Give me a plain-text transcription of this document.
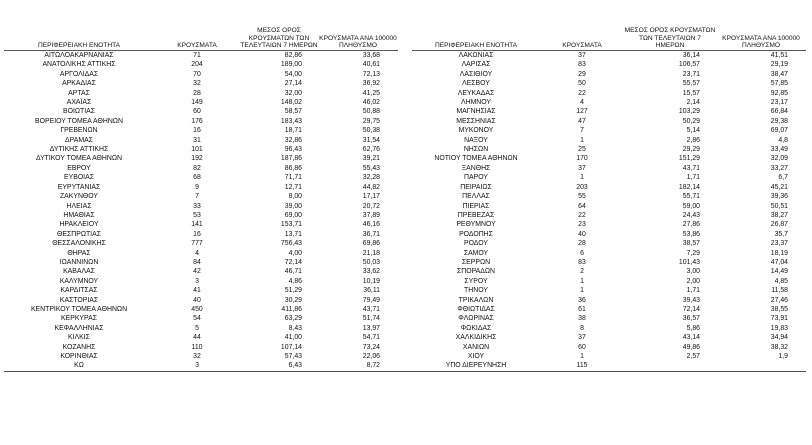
ΠΕΡΙΦΕΡΕΙΑΚΗ ΕΝΟΤΗΤΑ	ΚΡΟΥΣΜΑΤΑ	ΜΕΣΟΣ ΟΡΟΣ ΚΡΟΥΣΜΑΤΩΝ ΤΩΝ ΤΕΛΕΥΤΑΙΩΝ 7 ΗΜΕΡΩΝ	ΚΡΟΥΣΜΑΤΑ ΑΝΑ 100000 ΠΛΗΘΥΣΜΟ		ΠΕΡΙΦΕΡΕΙΑΚΗ ΕΝΟΤΗΤΑ	ΚΡΟΥΣΜΑΤΑ	ΜΕΣΟΣ ΟΡΟΣ ΚΡΟΥΣΜΑΤΩΝ ΤΩΝ ΤΕΛΕΥΤΑΙΩΝ 7 ΗΜΕΡΩΝ	ΚΡΟΥΣΜΑΤΑ ΑΝΑ 100000 ΠΛΗΘΥΣΜΟ
ΑΙΤΩΛΟΑΚΑΡΝΑΝΙΑΣ	71	82,86	33,68		ΛΑΚΩΝΙΑΣ	37	36,14	41,51
ΑΝΑΤΟΛΙΚΗΣ ΑΤΤΙΚΗΣ	204	189,00	40,61		ΛΑΡΙΣΑΣ	83	106,57	29,19
ΑΡΓΟΛΙΔΑΣ	70	54,00	72,13		ΛΑΣΙΘΙΟΥ	29	23,71	38,47
ΑΡΚΑΔΙΑΣ	32	27,14	36,92		ΛΕΣΒΟΥ	50	55,57	57,85
ΑΡΤΑΣ	28	32,00	41,25		ΛΕΥΚΑΔΑΣ	22	15,57	92,85
ΑΧΑΪΑΣ	149	148,02	46,02		ΛΗΜΝΟΥ	4	2,14	23,17
ΒΟΙΩΤΙΑΣ	60	58,57	50,88		ΜΑΓΝΗΣΙΑΣ	127	103,29	66,84
ΒΟΡΕΙΟΥ ΤΟΜΕΑ ΑΘΗΝΩΝ	176	183,43	29,75		ΜΕΣΣΗΝΙΑΣ	47	50,29	29,38
ΓΡΕΒΕΝΩΝ	16	18,71	50,38		ΜΥΚΟΝΟΥ	7	5,14	69,07
ΔΡΑΜΑΣ	31	32,86	31,54		ΝΑΞΟΥ	1	2,86	4,8
ΔΥΤΙΚΗΣ ΑΤΤΙΚΗΣ	101	96,43	62,76		ΝΗΣΩΝ	25	29,29	33,49
ΔΥΤΙΚΟΥ ΤΟΜΕΑ ΑΘΗΝΩΝ	192	187,86	39,21		ΝΟΤΙΟΥ ΤΟΜΕΑ ΑΘΗΝΩΝ	170	151,29	32,09
ΕΒΡΟΥ	82	86,86	55,43		ΞΑΝΘΗΣ	37	43,71	33,27
ΕΥΒΟΙΑΣ	68	71,71	32,28		ΠΑΡΟΥ	1	1,71	6,7
ΕΥΡΥΤΑΝΙΑΣ	9	12,71	44,82		ΠΕΙΡΑΙΩΣ	203	182,14	45,21
ΖΑΚΥΝΘΟΥ	7	8,00	17,17		ΠΕΛΛΑΣ	55	55,71	39,36
ΗΛΕΙΑΣ	33	39,00	20,72		ΠΙΕΡΙΑΣ	64	59,00	50,51
ΗΜΑΘΙΑΣ	53	69,00	37,89		ΠΡΕΒΕΖΑΣ	22	24,43	38,27
ΗΡΑΚΛΕΙΟΥ	141	153,71	46,16		ΡΕΘΥΜΝΟΥ	23	27,86	26,87
ΘΕΣΠΡΩΤΙΑΣ	16	13,71	36,71		ΡΟΔΟΠΗΣ	40	53,86	35,7
ΘΕΣΣΑΛΟΝΙΚΗΣ	777	756,43	69,86		ΡΟΔΟΥ	28	38,57	23,37
ΘΗΡΑΣ	4	4,00	21,18		ΣΑΜΟΥ	6	7,29	18,19
ΙΩΑΝΝΙΝΩΝ	84	72,14	50,03		ΣΕΡΡΩΝ	83	101,43	47,04
ΚΑΒΑΛΑΣ	42	46,71	33,62		ΣΠΟΡΑΔΩΝ	2	3,00	14,49
ΚΑΛΥΜΝΟΥ	3	4,86	10,19		ΣΥΡΟΥ	1	2,00	4,85
ΚΑΡΔΙΤΣΑΣ	41	51,29	36,11		ΤΗΝΟΥ	1	1,71	11,58
ΚΑΣΤΟΡΙΑΣ	40	30,29	79,49		ΤΡΙΚΑΛΩΝ	36	39,43	27,46
ΚΕΝΤΡΙΚΟΥ ΤΟΜΕΑ ΑΘΗΝΩΝ	450	411,86	43,71		ΦΘΙΩΤΙΔΑΣ	61	72,14	38,55
ΚΕΡΚΥΡΑΣ	54	63,29	51,74		ΦΛΩΡΙΝΑΣ	38	36,57	73,91
ΚΕΦΑΛΛΗΝΙΑΣ	5	8,43	13,97		ΦΩΚΙΔΑΣ	8	5,86	19,83
ΚΙΛΚΙΣ	44	41,00	54,71		ΧΑΛΚΙΔΙΚΗΣ	37	43,14	34,94
ΚΟΖΑΝΗΣ	110	107,14	73,24		ΧΑΝΙΩΝ	60	49,86	38,32
ΚΟΡΙΝΘΙΑΣ	32	57,43	22,06		ΧΙΟΥ	1	2,57	1,9
ΚΩ	3	6,43	8,72		ΥΠΟ ΔΙΕΡΕΥΝΗΣΗ	115		
